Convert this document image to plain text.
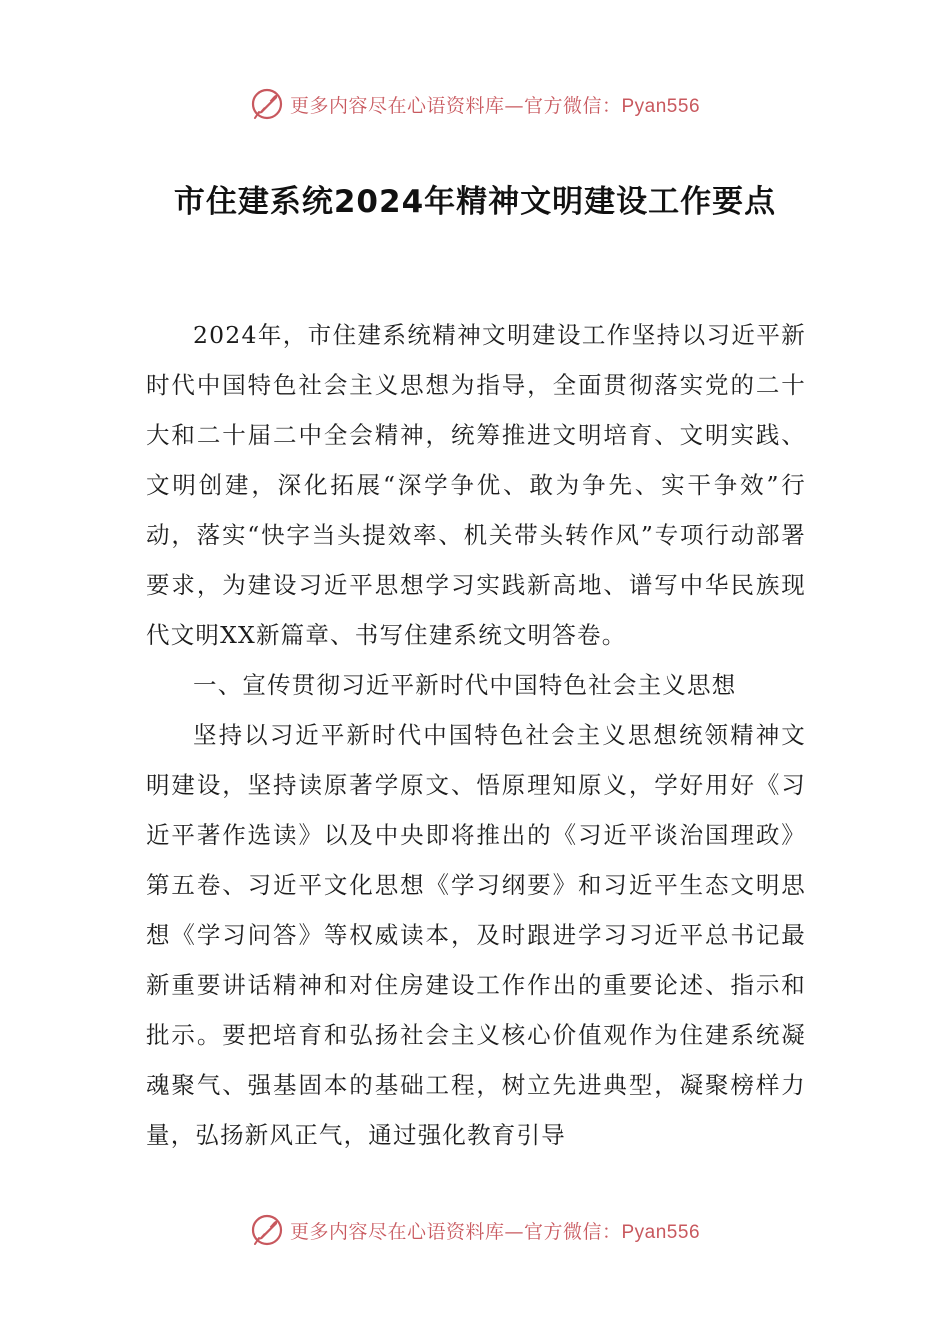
更多内容尽在心语资料库—官方微信：Pyan556
市住建系统2024年精神文明建设工作要点

2024年，市住建系统精神文明建设工作坚持以习近平新时代中国特色社会主义思想为指导，全面贯彻落实党的二十大和二十届二中全会精神，统筹推进文明培育、文明实践、文明创建，深化拓展“深学争优、敢为争先、实干争效”行动，落实“快字当头提效率、机关带头转作风”专项行动部署要求，为建设习近平思想学习实践新高地、谱写中华民族现代文明XX新篇章、书写住建系统文明答卷。

一、宣传贯彻习近平新时代中国特色社会主义思想

坚持以习近平新时代中国特色社会主义思想统领精神文明建设，坚持读原著学原文、悟原理知原义，学好用好《习近平著作选读》以及中央即将推出的《习近平谈治国理政》第五卷、习近平文化思想《学习纲要》和习近平生态文明思想《学习问答》等权威读本，及时跟进学习习近平总书记最新重要讲话精神和对住房建设工作作出的重要论述、指示和批示。要把培育和弘扬社会主义核心价值观作为住建系统凝魂聚气、强基固本的基础工程，树立先进典型，凝聚榜样力量，弘扬新风正气，通过强化教育引导

更多内容尽在心语资料库—官方微信：Pyan556
